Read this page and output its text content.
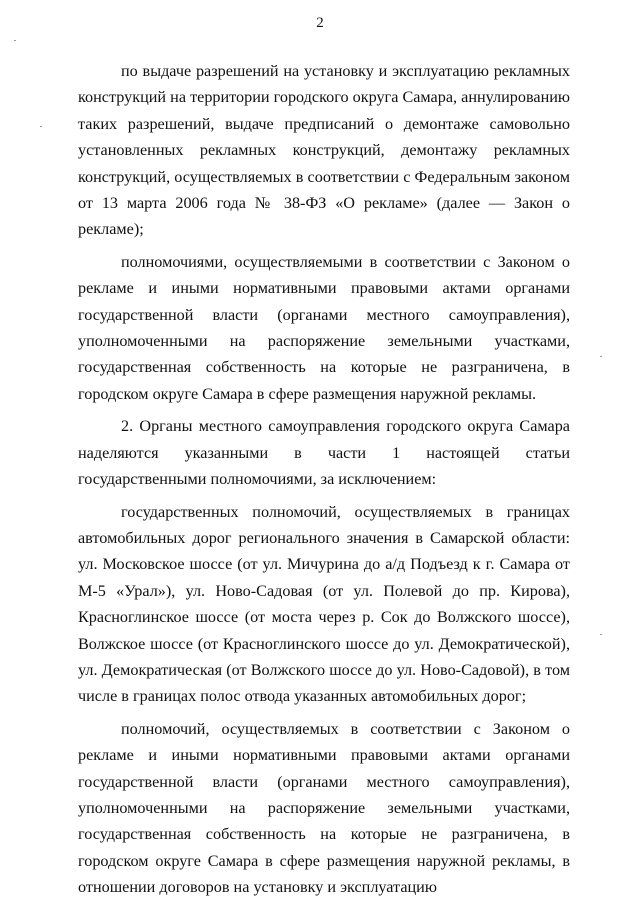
2

по выдаче разрешений на установку и эксплуатацию рекламных конструкций на территории городского округа Самара, аннулированию таких разрешений, выдаче предписаний о демонтаже самовольно установленных рекламных конструкций, демонтажу рекламных конструкций, осуществляемых в соответствии с Федеральным законом от 13 марта 2006 года № 38-ФЗ «О рекламе» (далее — Закон о рекламе);

полномочиями, осуществляемыми в соответствии с Законом о рекламе и иными нормативными правовыми актами органами государственной власти (органами местного самоуправления), уполномоченными на распоряжение земельными участками, государственная собственность на которые не разграничена, в городском округе Самара в сфере размещения наружной рекламы.

2. Органы местного самоуправления городского округа Самара наделяются указанными в части 1 настоящей статьи государственными полномочиями, за исключением:

государственных полномочий, осуществляемых в границах автомобильных дорог регионального значения в Самарской области: ул. Московское шоссе (от ул. Мичурина до а/д Подъезд к г. Самара от М-5 «Урал»), ул. Ново-Садовая (от ул. Полевой до пр. Кирова), Красноглинское шоссе (от моста через р. Сок до Волжского шоссе), Волжское шоссе (от Красноглинского шоссе до ул. Демократической), ул. Демократическая (от Волжского шоссе до ул. Ново-Садовой), в том числе в границах полос отвода указанных автомобильных дорог;

полномочий, осуществляемых в соответствии с Законом о рекламе и иными нормативными правовыми актами органами государственной власти (органами местного самоуправления), уполномоченными на распоряжение земельными участками, государственная собственность на которые не разграничена, в городском округе Самара в сфере размещения наружной рекламы, в отношении договоров на установку и эксплуатацию
